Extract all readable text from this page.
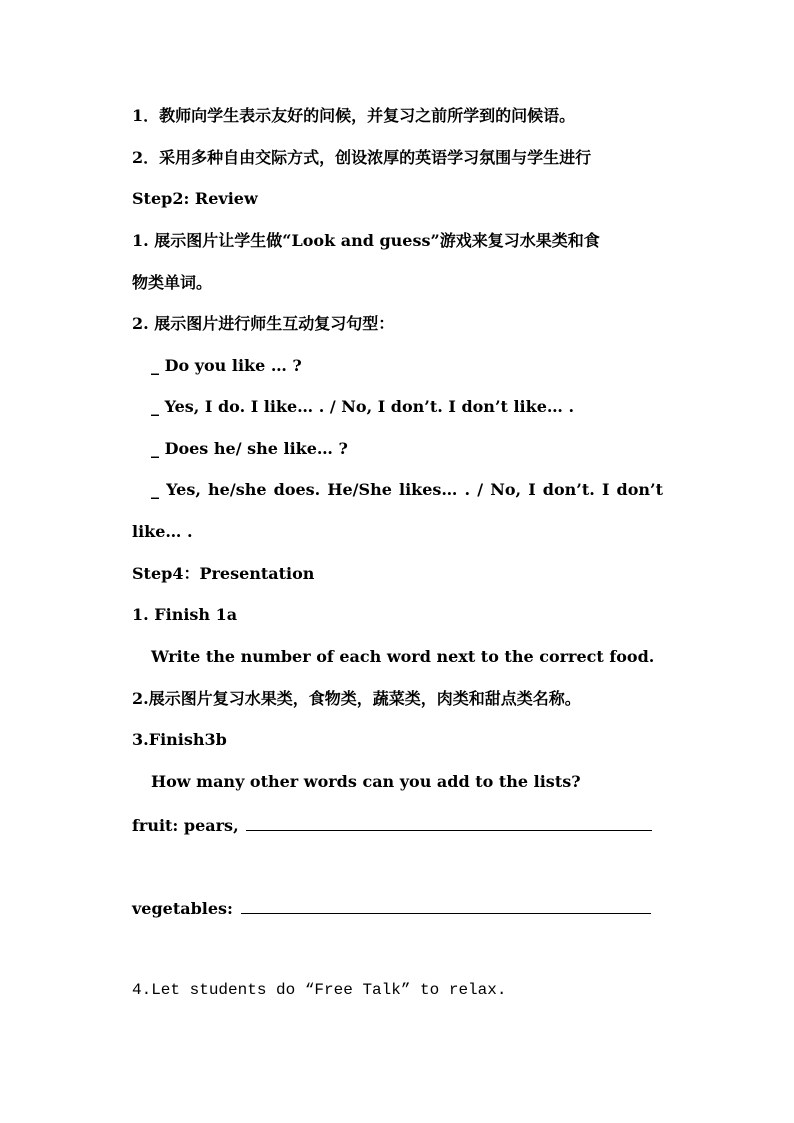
1．教师向学生表示友好的问候，并复习之前所学到的问候语。
2．采用多种自由交际方式，创设浓厚的英语学习氛围与学生进行
Step2: Review
1. 展示图片让学生做“Look and guess”游戏来复习水果类和食
物类单词。
2. 展示图片进行师生互动复习句型：
_ Do you like … ?
_ Yes, I do. I like… . / No, I don’t. I don’t like… .
_ Does he/ she like… ?
_ Yes, he/she does. He/She likes… . / No, I don’t. I don’t
like… .
Step4：Presentation
1. Finish 1a
Write the number of each word next to the correct food.
2.展示图片复习水果类，食物类，蔬菜类，肉类和甜点类名称。
3.Finish3b
How many other words can you add to the lists?
fruit: pears,
vegetables:
4.Let students do “Free Talk” to relax.
